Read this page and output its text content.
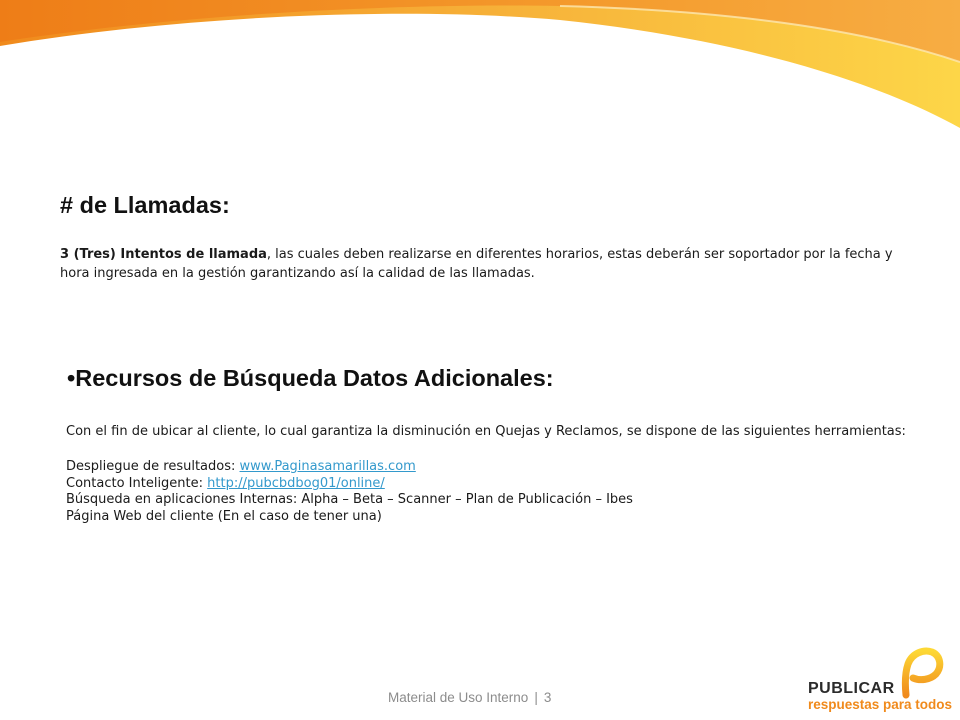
# de Llamadas:

3 (Tres) Intentos de llamada, las cuales deben realizarse en diferentes horarios, estas deberán ser soportador por la fecha y hora ingresada en la gestión garantizando así la calidad de las llamadas.

•Recursos de Búsqueda Datos Adicionales:

Con el fin de ubicar al cliente, lo cual garantiza la disminución en Quejas y Reclamos, se dispone de las siguientes herramientas:

Despliegue de resultados: www.Paginasamarillas.com
Contacto Inteligente: http://pubcbdbog01/online/
Búsqueda en aplicaciones Internas: Alpha – Beta – Scanner – Plan de Publicación – Ibes
Página Web del cliente (En el caso de tener una)
Material de Uso Interno | 3
PUBLICAR
respuestas para todos
